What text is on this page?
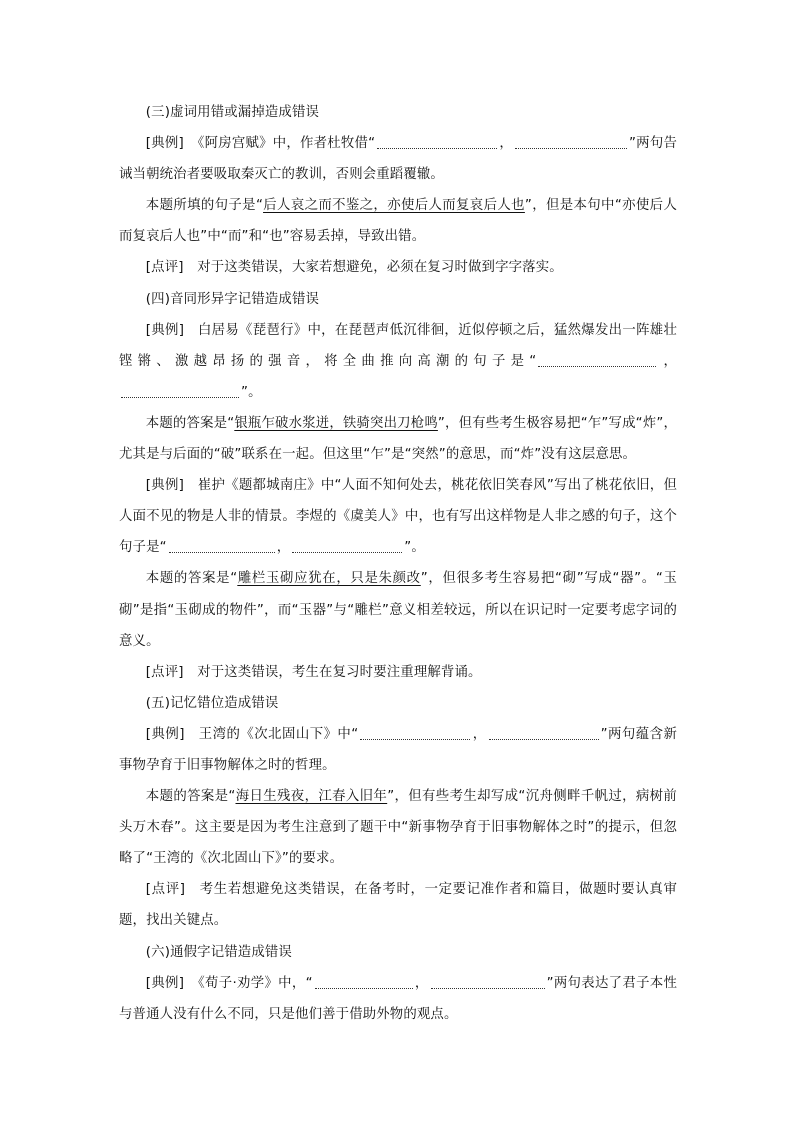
(三)虚词用错或漏掉造成错误

[典例]　 《阿房宫赋》中，作者杜牧借“	，	”两句告诫当朝统治者要吸取秦灭亡的教训，否则会重蹈覆辙。

本题所填的句子是“后人哀之而不鉴之，亦使后人而复哀后人也”，但是本句中“亦使后人而复哀后人也”中“而”和“也”容易丢掉，导致出错。

[点评]　 对于这类错误，大家若想避免，必须在复习时做到字字落实。

(四)音同形异字记错造成错误

[典例]　 白居易《琵琶行》中，在琵琶声低沉徘徊，近似停顿之后，猛然爆发出一阵雄壮铿锵、激越昂扬的强音，将全曲推向高潮的句子是“	，”。

本题的答案是“银瓶乍破水浆迸，铁骑突出刀枪鸣”，但有些考生极容易把“乍”写成“炸”，尤其是与后面的“破”联系在一起。但这里“乍”是“突然”的意思，而“炸”没有这层意思。

[典例]　 崔护《题都城南庄》中“人面不知何处去，桃花依旧笑春风”写出了桃花依旧，但人面不见的物是人非的情景。李煜的《虞美人》中，也有写出这样物是人非之感的句子，这个句子是“	，	”。

本题的答案是“雕栏玉砌应犹在，只是朱颜改”，但很多考生容易把“砌”写成“器”。“玉砌”是指“玉砌成的物件”，而“玉器”与“雕栏”意义相差较远，所以在识记时一定要考虑字词的意义。

[点评]　 对于这类错误，考生在复习时要注重理解背诵。

(五)记忆错位造成错误

[典例]　 王湾的《次北固山下》中“	，	”两句蕴含新事物孕育于旧事物解体之时的哲理。

本题的答案是“海日生残夜，江春入旧年”，但有些考生却写成“沉舟侧畔千帆过，病树前头万木春”。这主要是因为考生注意到了题干中“新事物孕育于旧事物解体之时”的提示，但忽略了“王湾的《次北固山下》”的要求。

[点评]　 考生若想避免这类错误，在备考时，一定要记准作者和篇目，做题时要认真审题，找出关键点。

(六)通假字记错造成错误

[典例]　 《荀子·劝学》中，“	，	”两句表达了君子本性与普通人没有什么不同，只是他们善于借助外物的观点。
